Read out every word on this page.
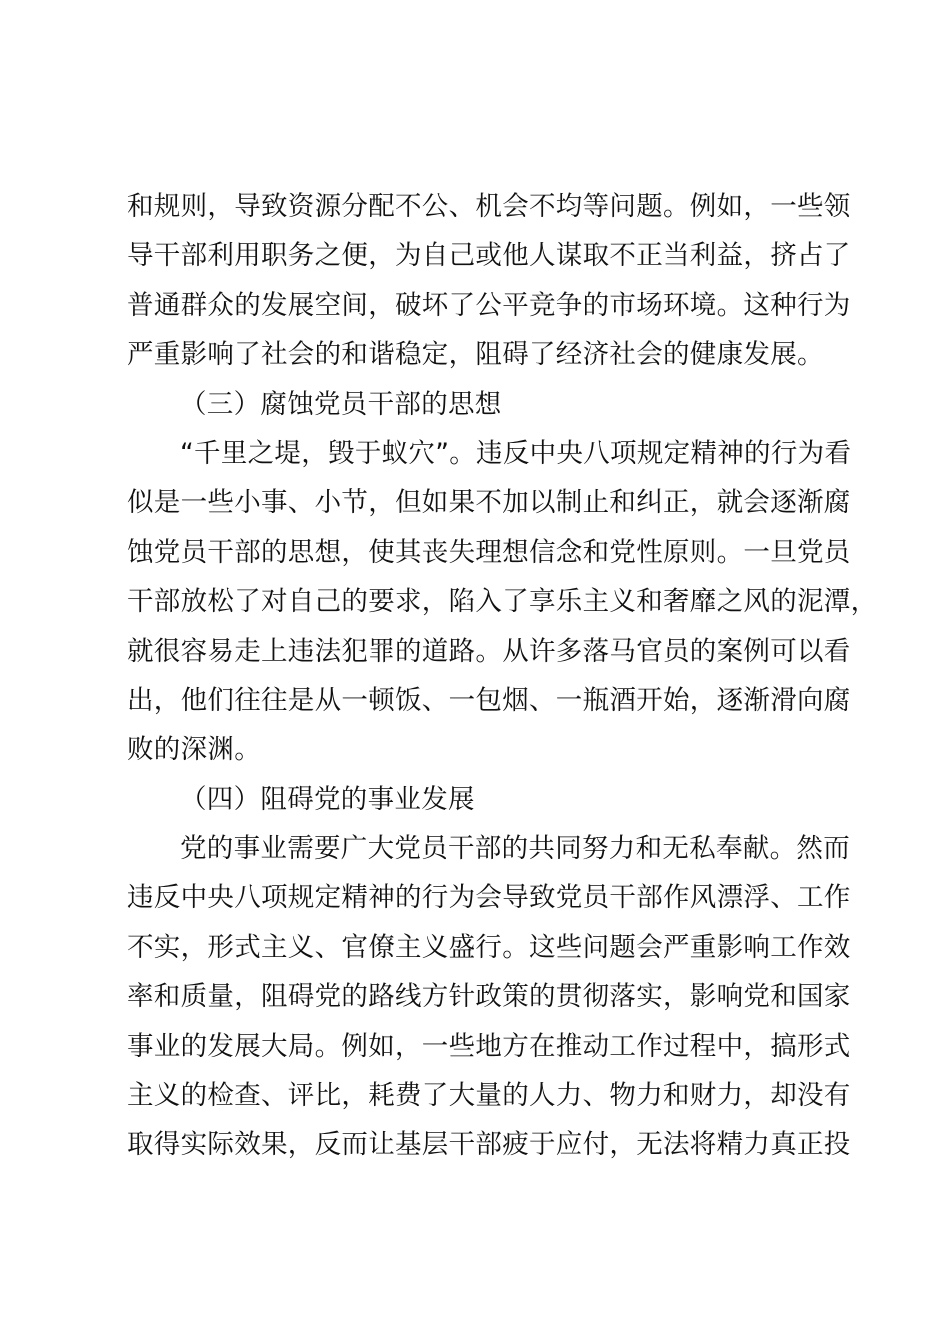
和规则，导致资源分配不公、机会不均等问题。例如，一些领
导干部利用职务之便，为自己或他人谋取不正当利益，挤占了
普通群众的发展空间，破坏了公平竞争的市场环境。这种行为
严重影响了社会的和谐稳定，阻碍了经济社会的健康发展。
（三）腐蚀党员干部的思想
“千里之堤，毁于蚁穴”。违反中央八项规定精神的行为看
似是一些小事、小节，但如果不加以制止和纠正，就会逐渐腐
蚀党员干部的思想，使其丧失理想信念和党性原则。一旦党员
干部放松了对自己的要求，陷入了享乐主义和奢靡之风的泥潭，
就很容易走上违法犯罪的道路。从许多落马官员的案例可以看
出，他们往往是从一顿饭、一包烟、一瓶酒开始，逐渐滑向腐
败的深渊。
（四）阻碍党的事业发展
党的事业需要广大党员干部的共同努力和无私奉献。然而
违反中央八项规定精神的行为会导致党员干部作风漂浮、工作
不实，形式主义、官僚主义盛行。这些问题会严重影响工作效
率和质量，阻碍党的路线方针政策的贯彻落实，影响党和国家
事业的发展大局。例如，一些地方在推动工作过程中，搞形式
主义的检查、评比，耗费了大量的人力、物力和财力，却没有
取得实际效果，反而让基层干部疲于应付，无法将精力真正投
